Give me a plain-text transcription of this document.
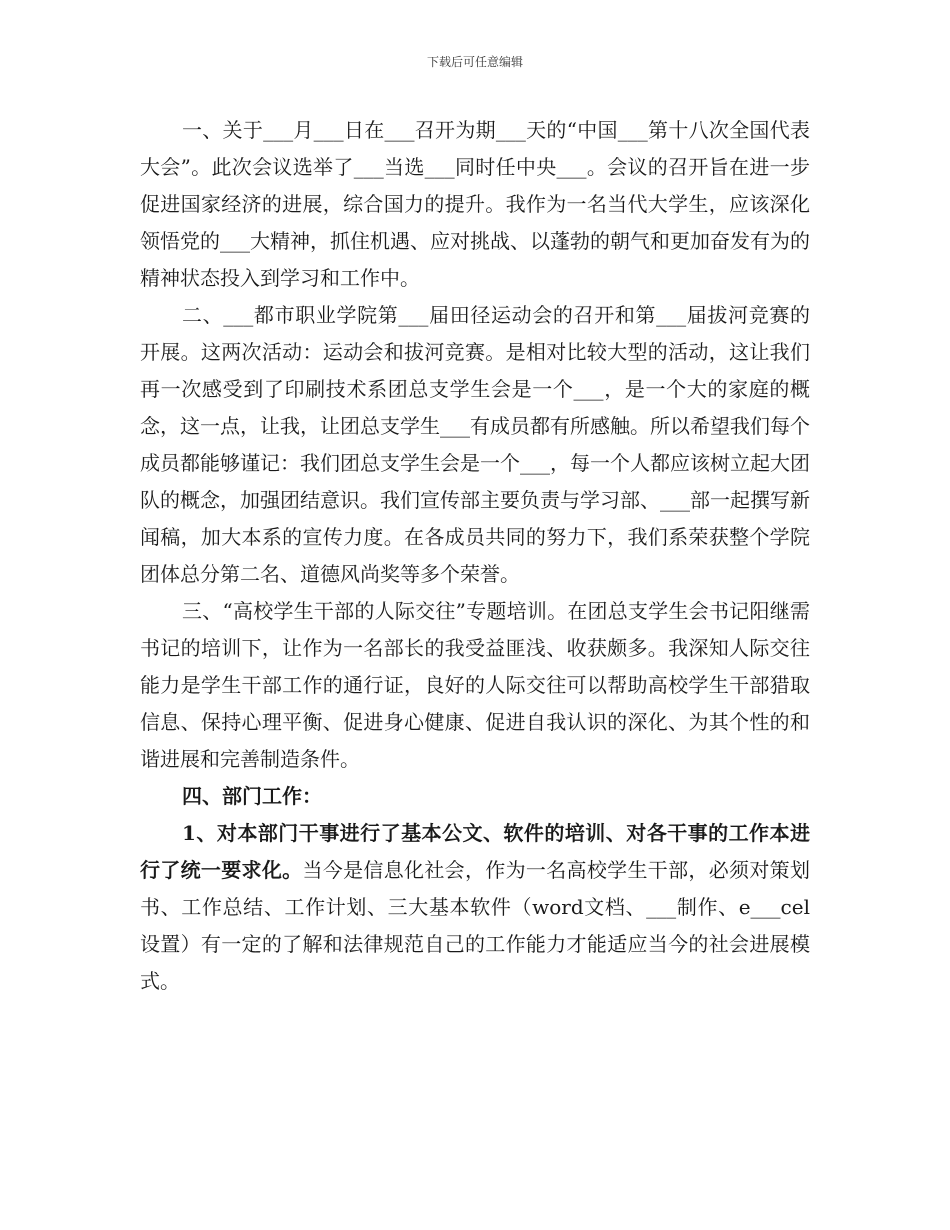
下载后可任意编辑

一、关于___月___日在___召开为期___天的“中国___第十八次全国代表大会”。此次会议选举了___当选___同时任中央___。会议的召开旨在进一步促进国家经济的进展，综合国力的提升。我作为一名当代大学生，应该深化领悟党的___大精神，抓住机遇、应对挑战、以蓬勃的朝气和更加奋发有为的精神状态投入到学习和工作中。

二、___都市职业学院第___届田径运动会的召开和第___届拔河竞赛的开展。这两次活动：运动会和拔河竞赛。是相对比较大型的活动，这让我们再一次感受到了印刷技术系团总支学生会是一个___，是一个大的家庭的概念，这一点，让我，让团总支学生___有成员都有所感触。所以希望我们每个成员都能够谨记：我们团总支学生会是一个___，每一个人都应该树立起大团队的概念，加强团结意识。我们宣传部主要负责与学习部、___部一起撰写新闻稿，加大本系的宣传力度。在各成员共同的努力下，我们系荣获整个学院团体总分第二名、道德风尚奖等多个荣誉。

三、“高校学生干部的人际交往”专题培训。在团总支学生会书记阳继需书记的培训下，让作为一名部长的我受益匪浅、收获颇多。我深知人际交往能力是学生干部工作的通行证，良好的人际交往可以帮助高校学生干部猎取信息、保持心理平衡、促进身心健康、促进自我认识的深化、为其个性的和谐进展和完善制造条件。

四、部门工作：

1、对本部门干事进行了基本公文、软件的培训、对各干事的工作本进行了统一要求化。当今是信息化社会，作为一名高校学生干部，必须对策划书、工作总结、工作计划、三大基本软件（word文档、___制作、e___cel设置）有一定的了解和法律规范自己的工作能力才能适应当今的社会进展模式。
